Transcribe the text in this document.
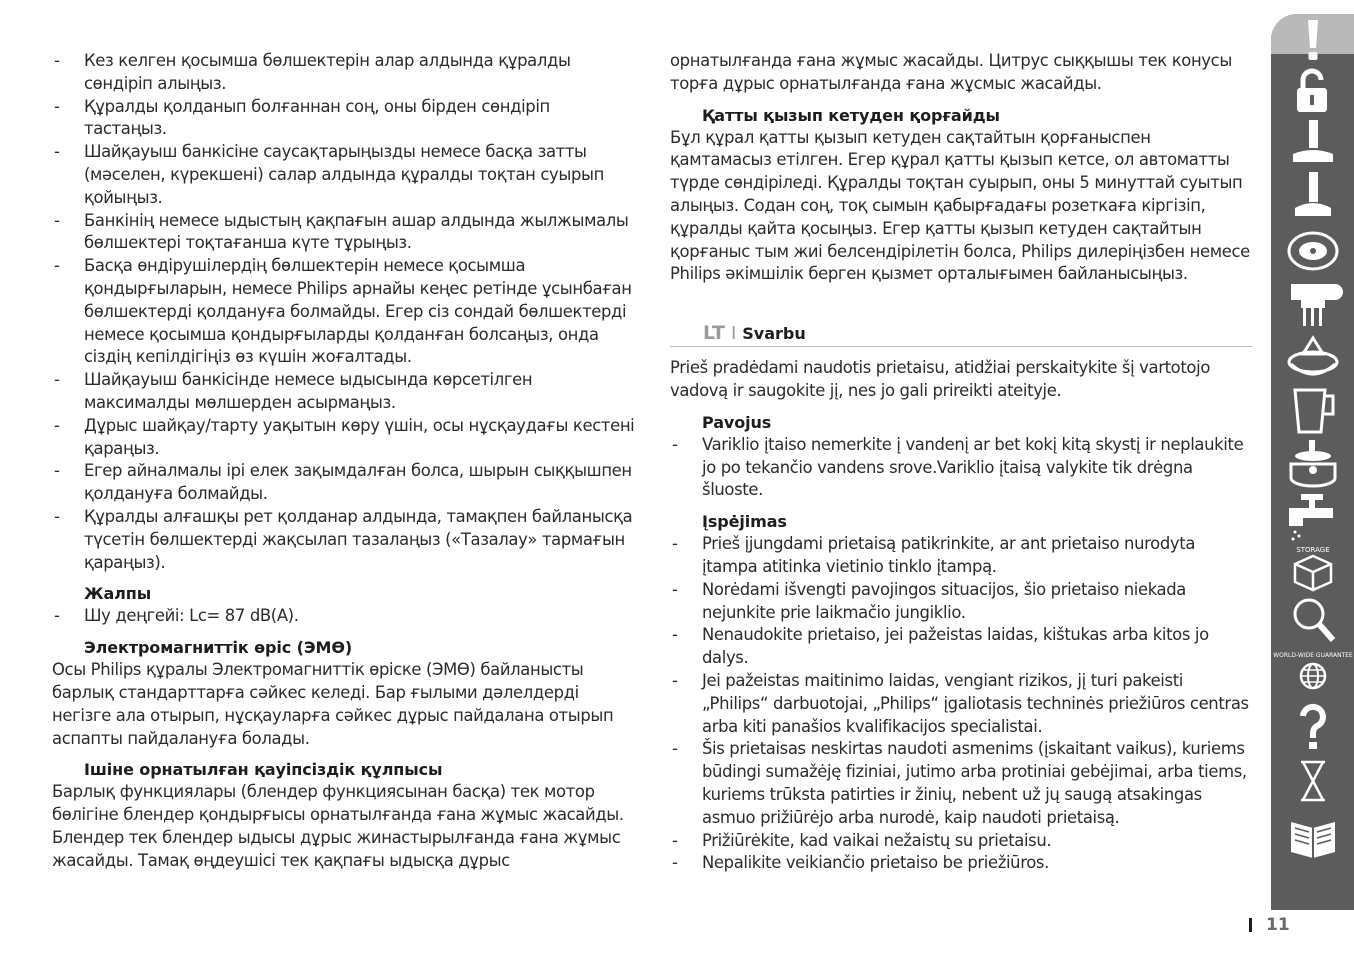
- Кез келген қосымша бөлшектерін алар алдында құралды сөндіріп алыңыз.
- Құралды қолданып болғаннан соң, оны бірден сөндіріп тастаңыз.
- Шайқауыш банкісіне саусақтарыңызды немесе басқа затты (мәселен, күрекшені) салар алдында құралды тоқтан суырып қойыңыз.
- Банкінің немесе ыдыстың қақпағын ашар алдында жылжымалы бөлшектері тоқтағанша күте тұрыңыз.
- Басқа өндірушілердің бөлшектерін немесе қосымша қондырғыларын, немесе Philips арнайы кеңес ретінде ұсынбаған бөлшектерді қолдануға болмайды. Егер сіз сондай бөлшектерді немесе қосымша қондырғыларды қолданған болсаңыз, онда сіздің кепілдігіңіз өз күшін жоғалтады.
- Шайқауыш банкісінде немесе ыдысында көрсетілген максималды мөлшерден асырмаңыз.
- Дұрыс шайқау/тарту уақытын көру үшін, осы нұсқаудағы кестені қараңыз.
- Егер айналмалы ірі елек зақымдалған болса, шырын сыққышпен қолдануға болмайды.
- Құралды алғашқы рет қолданар алдында, тамақпен байланысқа түсетін бөлшектерді жақсылап тазалаңыз («Тазалау» тармағын қараңыз).
Жалпы
- Шу деңгейі: Lc= 87 dB(A).
Электромагниттік өріс (ЭМӨ)

Осы Philips құралы Электромагниттік өріске (ЭМӨ) байланысты барлық стандарттарға сәйкес келеді. Бар ғылыми дәлелдерді негізге ала отырып, нұсқауларға сәйкес дұрыс пайдалана отырып аспапты пайдалануға болады.

Ішіне орнатылған қауіпсіздік құлпысы

Барлық функциялары (блендер функциясынан басқа) тек мотор бөлігіне блендер қондырғысы орнатылғанда ғана жұмыс жасайды. Блендер тек блендер ыдысы дұрыс жинастырылғанда ғана жұмыс жасайды. Тамақ өңдеушісі тек қақпағы ыдысқа дұрыс

орнатылғанда ғана жұмыс жасайды. Цитрус сыққышы тек конусы торға дұрыс орнатылғанда ғана жұсмыс жасайды.

Қатты қызып кетуден қорғайды

Бұл құрал қатты қызып кетуден сақтайтын қорғаныспен қамтамасыз етілген. Егер құрал қатты қызып кетсе, ол автоматты түрде сөндіріледі. Құралды тоқтан суырып, оны 5 минуттай суытып алыңыз. Содан соң, тоқ сымын қабырғадағы розеткаға кіргізіп, құралды қайта қосыңыз. Егер қатты қызып кетуден сақтайтын қорғаныс тым жиі белсендірілетін болса, Philips дилеріңізбен немесе Philips әкімшілік берген қызмет орталығымен байланысыңыз.

LT I Svarbu

Prieš pradėdami naudotis prietaisu, atidžiai perskaitykite šį vartotojo vadovą ir saugokite jį, nes jo gali prireikti ateityje.

Pavojus
- Variklio įtaiso nemerkite į vandenį ar bet kokį kitą skystį ir neplaukite jo po tekančio vandens srove.Variklio įtaisą valykite tik drėgna šluoste.
Įspėjimas
- Prieš įjungdami prietaisą patikrinkite, ar ant prietaiso nurodyta įtampa atitinka vietinio tinklo įtampą.
- Norėdami išvengti pavojingos situacijos, šio prietaiso niekada nejunkite prie laikmačio jungiklio.
- Nenaudokite prietaiso, jei pažeistas laidas, kištukas arba kitos jo dalys.
- Jei pažeistas maitinimo laidas, vengiant rizikos, jį turi pakeisti „Philips“ darbuotojai, „Philips“ įgaliotasis techninės priežiūros centras arba kiti panašios kvalifikacijos specialistai.
- Šis prietaisas neskirtas naudoti asmenims (įskaitant vaikus), kuriems būdingi sumažėję fiziniai, jutimo arba protiniai gebėjimai, arba tiems, kuriems trūksta patirties ir žinių, nebent už jų saugą atsakingas asmuo prižiūrėjo arba nurodė, kaip naudoti prietaisą.
- Prižiūrėkite, kad vaikai nežaistų su prietaisu.
- Nepalikite veikiančio prietaiso be priežiūros.
STORAGE
WORLD-WIDE GUARANTEE
11
